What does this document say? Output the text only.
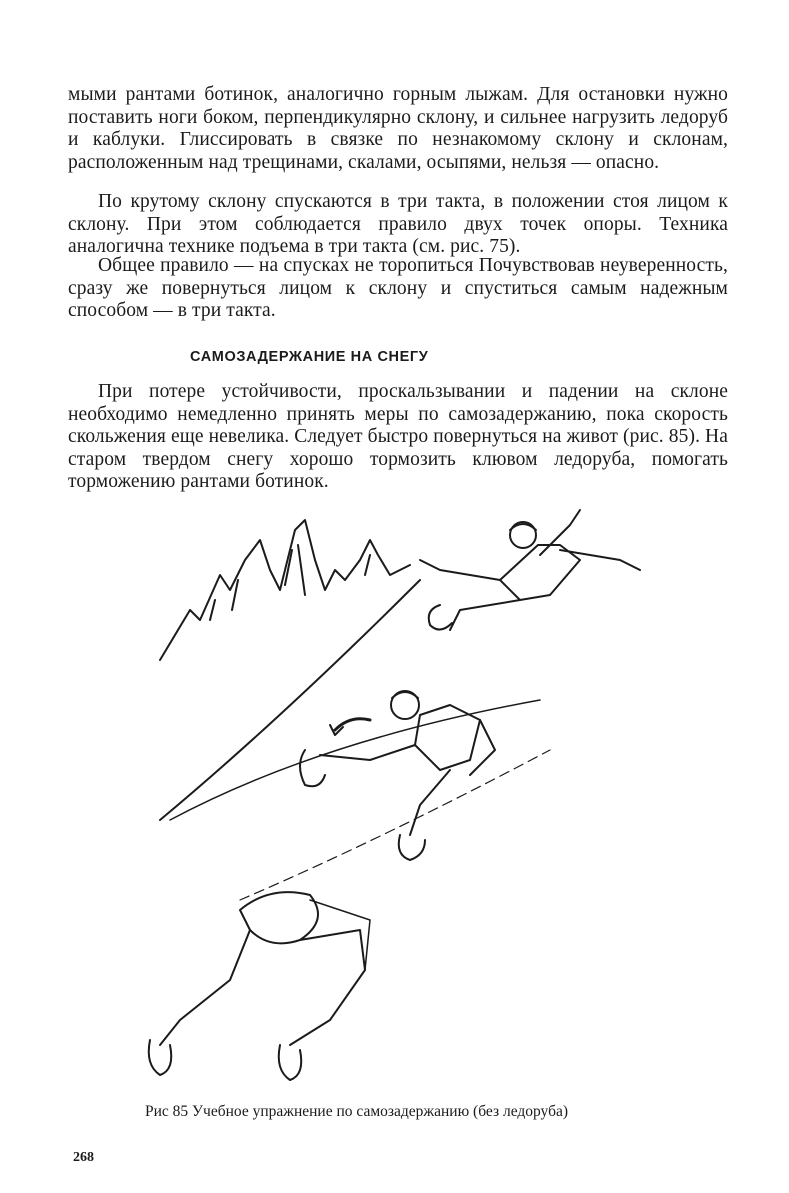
мыми рантами ботинок, аналогично горным лыжам. Для остановки нужно поставить ноги боком, перпендикулярно склону, и сильнее нагрузить ледоруб и каблуки. Глиссировать в связке по незнакомому склону и склонам, расположенным над трещинами, скалами, осыпями, нельзя — опасно.

По крутому склону спускаются в три такта, в положении стоя лицом к склону. При этом соблюдается правило двух точек опоры. Техника аналогична технике подъема в три такта (см. рис. 75).

Общее правило — на спусках не торопиться Почувствовав неуверенность, сразу же повернуться лицом к склону и спуститься самым надежным способом — в три такта.

САМОЗАДЕРЖАНИЕ НА СНЕГУ

При потере устойчивости, проскальзывании и падении на склоне необходимо немедленно принять меры по самозадержанию, пока скорость скольжения еще невелика. Следует быстро повернуться на живот (рис. 85). На старом твердом снегу хорошо тормозить клювом ледоруба, помогать торможению рантами ботинок.

Рис 85 Учебное упражнение по самозадержанию (без ледоруба)

268
